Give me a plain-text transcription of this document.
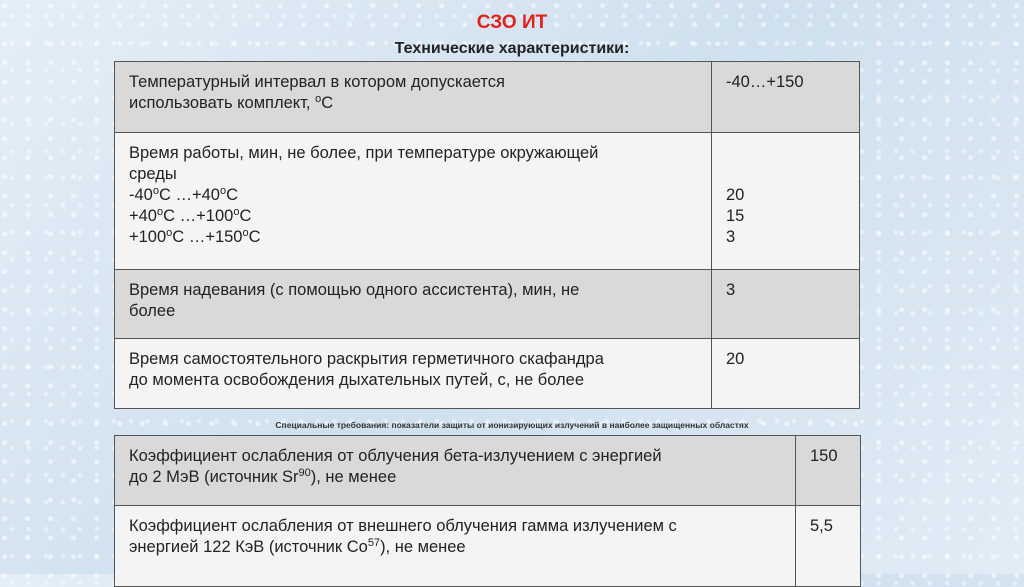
СЗО ИТ
Технические характеристики:
Температурный интервал в котором допускается
использовать комплект, $^о$С	-40…+150

Время работы, мин, не более, при температуре окружающей
среды
$-40^оС$ $\dots+40^оС$
$+40^оС$ $\dots+100^оС$
$+100^оС$ $\dots+150^оС$	20
15
3

Время надевания (с помощью одного ассистента), мин, не
более	3

Время самостоятельного раскрытия герметичного скафандра
до момента освобождения дыхательных путей, с, не более	20
Специальные требования: показатели защиты от ионизирующих излучений в наиболее защищенных областях
Коэффициент ослабления от облучения бета-излучением с энергией
до 2 МэВ (источник Sr$^{90}$), не менее	150

Коэффициент ослабления от внешнего облучения гамма излучением с
энергией 122 КэВ (источник Co$^{57}$), не менее	5,5
